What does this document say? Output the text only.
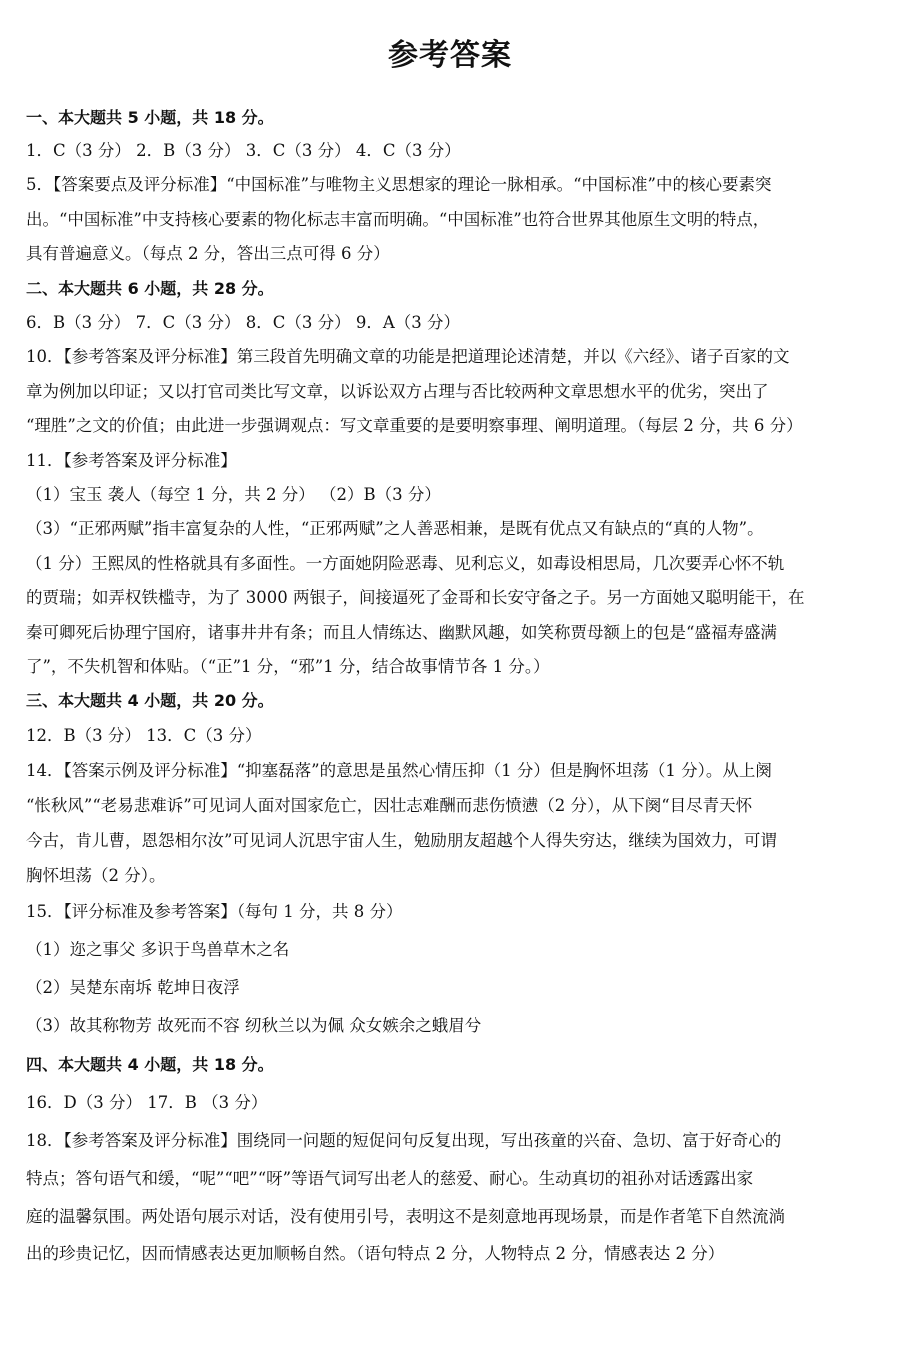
参考答案
一、本大题共 5 小题，共 18 分。
1．C（3 分） 2．B（3 分） 3．C（3 分） 4．C（3 分）
5．【答案要点及评分标准】“中国标准”与唯物主义思想家的理论一脉相承。“中国标准”中的核心要素突
出。“中国标准”中支持核心要素的物化标志丰富而明确。“中国标准”也符合世界其他原生文明的特点，
具有普遍意义。（每点 2 分，答出三点可得 6 分）
二、本大题共 6 小题，共 28 分。
6．B（3 分） 7．C（3 分） 8．C（3 分） 9．A（3 分）
10．【参考答案及评分标准】第三段首先明确文章的功能是把道理论述清楚，并以《六经》、诸子百家的文
章为例加以印证；又以打官司类比写文章，以诉讼双方占理与否比较两种文章思想水平的优劣，突出了
“理胜”之文的价值；由此进一步强调观点：写文章重要的是要明察事理、阐明道理。（每层 2 分，共 6 分）
11．【参考答案及评分标准】
（1）宝玉 袭人（每空 1 分，共 2 分） （2）B（3 分）
（3）“正邪两赋”指丰富复杂的人性，“正邪两赋”之人善恶相兼，是既有优点又有缺点的“真的人物”。
（1 分）王熙凤的性格就具有多面性。一方面她阴险恶毒、见利忘义，如毒设相思局，几次要弄心怀不轨
的贾瑞；如弄权铁槛寺，为了 3000 两银子，间接逼死了金哥和长安守备之子。另一方面她又聪明能干，在
秦可卿死后协理宁国府，诸事井井有条；而且人情练达、幽默风趣，如笑称贾母额上的包是“盛福寿盛满
了”，不失机智和体贴。（“正”1 分，“邪”1 分，结合故事情节各 1 分。）
三、本大题共 4 小题，共 20 分。
12．B（3 分） 13．C（3 分）
14．【答案示例及评分标准】“抑塞磊落”的意思是虽然心情压抑（1 分）但是胸怀坦荡（1 分）。从上阕
“怅秋风”“老易悲难诉”可见词人面对国家危亡，因壮志难酬而悲伤愤懑（2 分），从下阕“目尽青天怀
今古，肯儿曹，恩怨相尔汝”可见词人沉思宇宙人生，勉励朋友超越个人得失穷达，继续为国效力，可谓
胸怀坦荡（2 分）。
15．【评分标准及参考答案】（每句 1 分，共 8 分）
（1）迩之事父 多识于鸟兽草木之名
（2）吴楚东南坼 乾坤日夜浮
（3）故其称物芳 故死而不容 纫秋兰以为佩 众女嫉余之蛾眉兮
四、本大题共 4 小题，共 18 分。
16．D（3 分） 17．B （3 分）
18．【参考答案及评分标准】围绕同一问题的短促问句反复出现，写出孩童的兴奋、急切、富于好奇心的
特点；答句语气和缓，“呢”“吧”“呀”等语气词写出老人的慈爱、耐心。生动真切的祖孙对话透露出家
庭的温馨氛围。两处语句展示对话，没有使用引号，表明这不是刻意地再现场景，而是作者笔下自然流淌
出的珍贵记忆，因而情感表达更加顺畅自然。（语句特点 2 分，人物特点 2 分，情感表达 2 分）
